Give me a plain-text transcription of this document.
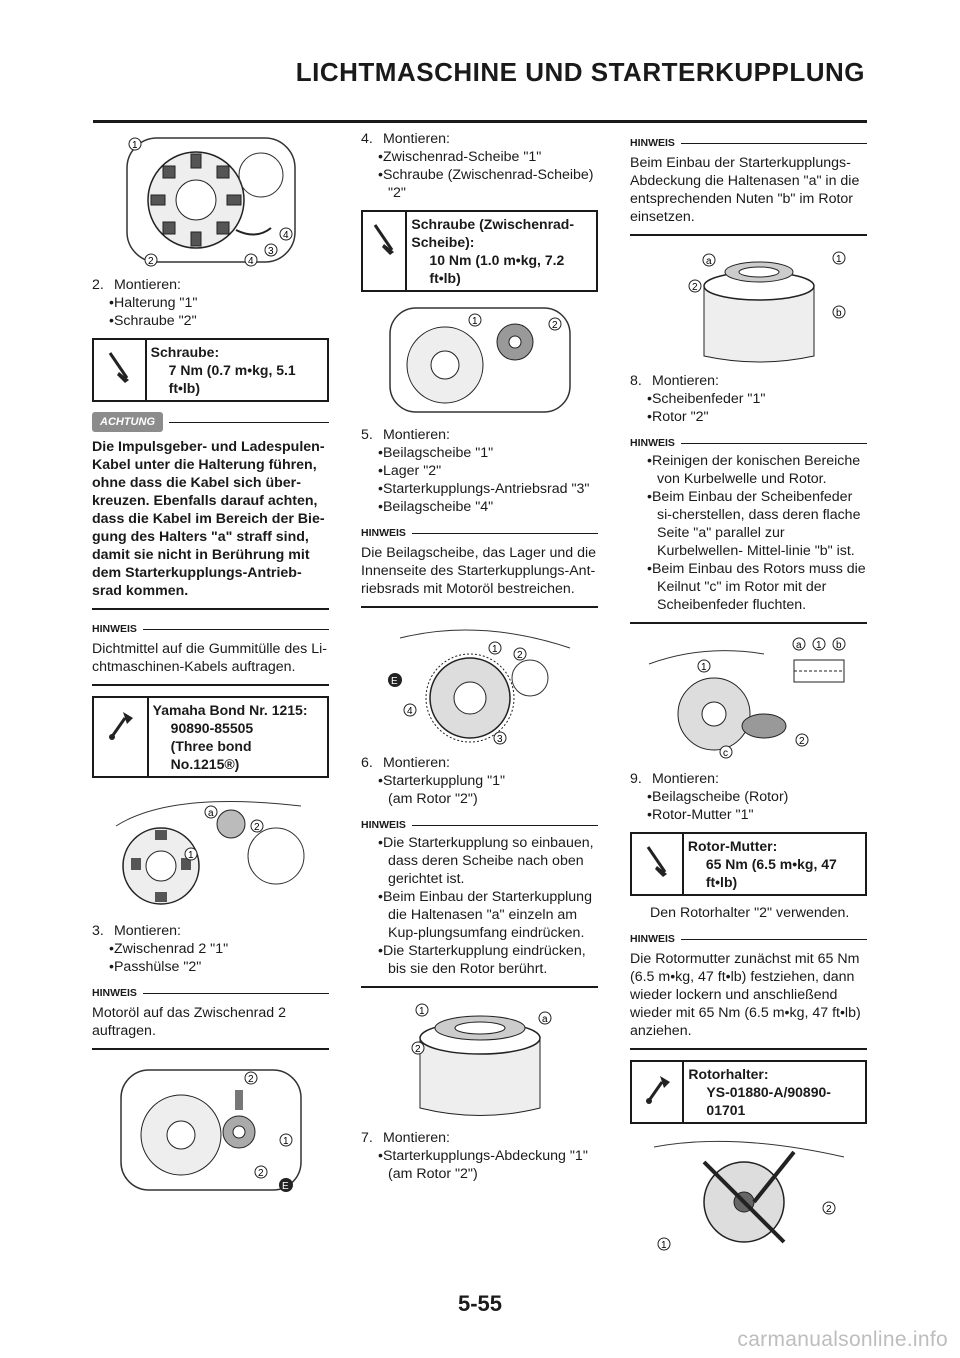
LICHTMASCHINE UND STARTERKUPPLUNG
1
2	4
3
4

2. Montieren:

• Halterung "1"

• Schraube "2"

Schraube:
7 Nm (0.7 m•kg, 5.1 ft•lb)
ACHTUNG

Die Impulsgeber- und Ladespulen-Kabel unter die Halterung führen, ohne dass die Kabel sich über-kreuzen. Ebenfalls darauf achten, dass die Kabel im Bereich der Bie-gung des Halters "a" straff sind, damit sie nicht in Berührung mit dem Starterkupplungs-Antrieb-srad kommen.

HINWEIS

Dichtmittel auf die Gummitülle des Li-chtmaschinen-Kabels auftragen.

Yamaha Bond Nr. 1215:
90890-85505
(Three bond No.1215®)
a
2
1

3. Montieren:

• Zwischenrad 2 "1"

• Passhülse "2"

HINWEIS

Motoröl auf das Zwischenrad 2 auftragen.

2
1
2
E

4. Montieren:

• Zwischenrad-Scheibe "1"

• Schraube (Zwischenrad-Scheibe) "2"

Schraube (Zwischenrad-Scheibe):
10 Nm (1.0 m•kg, 7.2 ft•lb)
1	2

5. Montieren:

• Beilagscheibe "1"

• Lager "2"

• Starterkupplungs-Antriebsrad "3"

• Beilagscheibe "4"

HINWEIS

Die Beilagscheibe, das Lager und die Innenseite des Starterkupplungs-Ant-riebsrads mit Motoröl bestreichen.

E
1
2
4
3

6. Montieren:

• Starterkupplung "1"

(am Rotor "2")

HINWEIS

• Die Starterkupplung so einbauen, dass deren Scheibe nach oben gerichtet ist.

• Beim Einbau der Starterkupplung die Haltenasen "a" einzeln am Kup-plungsumfang eindrücken.

• Die Starterkupplung eindrücken, bis sie den Rotor berührt.

1
2
a

7. Montieren:

• Starterkupplungs-Abdeckung "1"

(am Rotor "2")

HINWEIS

Beim Einbau der Starterkupplungs-Abdeckung die Haltenasen "a" in die entsprechenden Nuten "b" im Rotor einsetzen.

a
2
1
b

8. Montieren:

• Scheibenfeder "1"

• Rotor "2"

HINWEIS

• Reinigen der konischen Bereiche von Kurbelwelle und Rotor.

• Beim Einbau der Scheibenfeder si-cherstellen, dass deren flache Seite "a" parallel zur Kurbelwellen- Mittel-linie "b" ist.

• Beim Einbau des Rotors muss die Keilnut "c" im Rotor mit der Scheibenfeder fluchten.

a 1 b
1
c
2

9. Montieren:

• Beilagscheibe (Rotor)

• Rotor-Mutter "1"

Rotor-Mutter:
65 Nm (6.5 m•kg, 47 ft•lb)

Den Rotorhalter "2" verwenden.

HINWEIS

Die Rotormutter zunächst mit 65 Nm (6.5 m•kg, 47 ft•lb) festziehen, dann wieder lockern und anschließend wieder mit 65 Nm (6.5 m•kg, 47 ft•lb) anziehen.

Rotorhalter:
YS-01880-A/90890-01701
2
1
5-55
carmanualsonline.info
